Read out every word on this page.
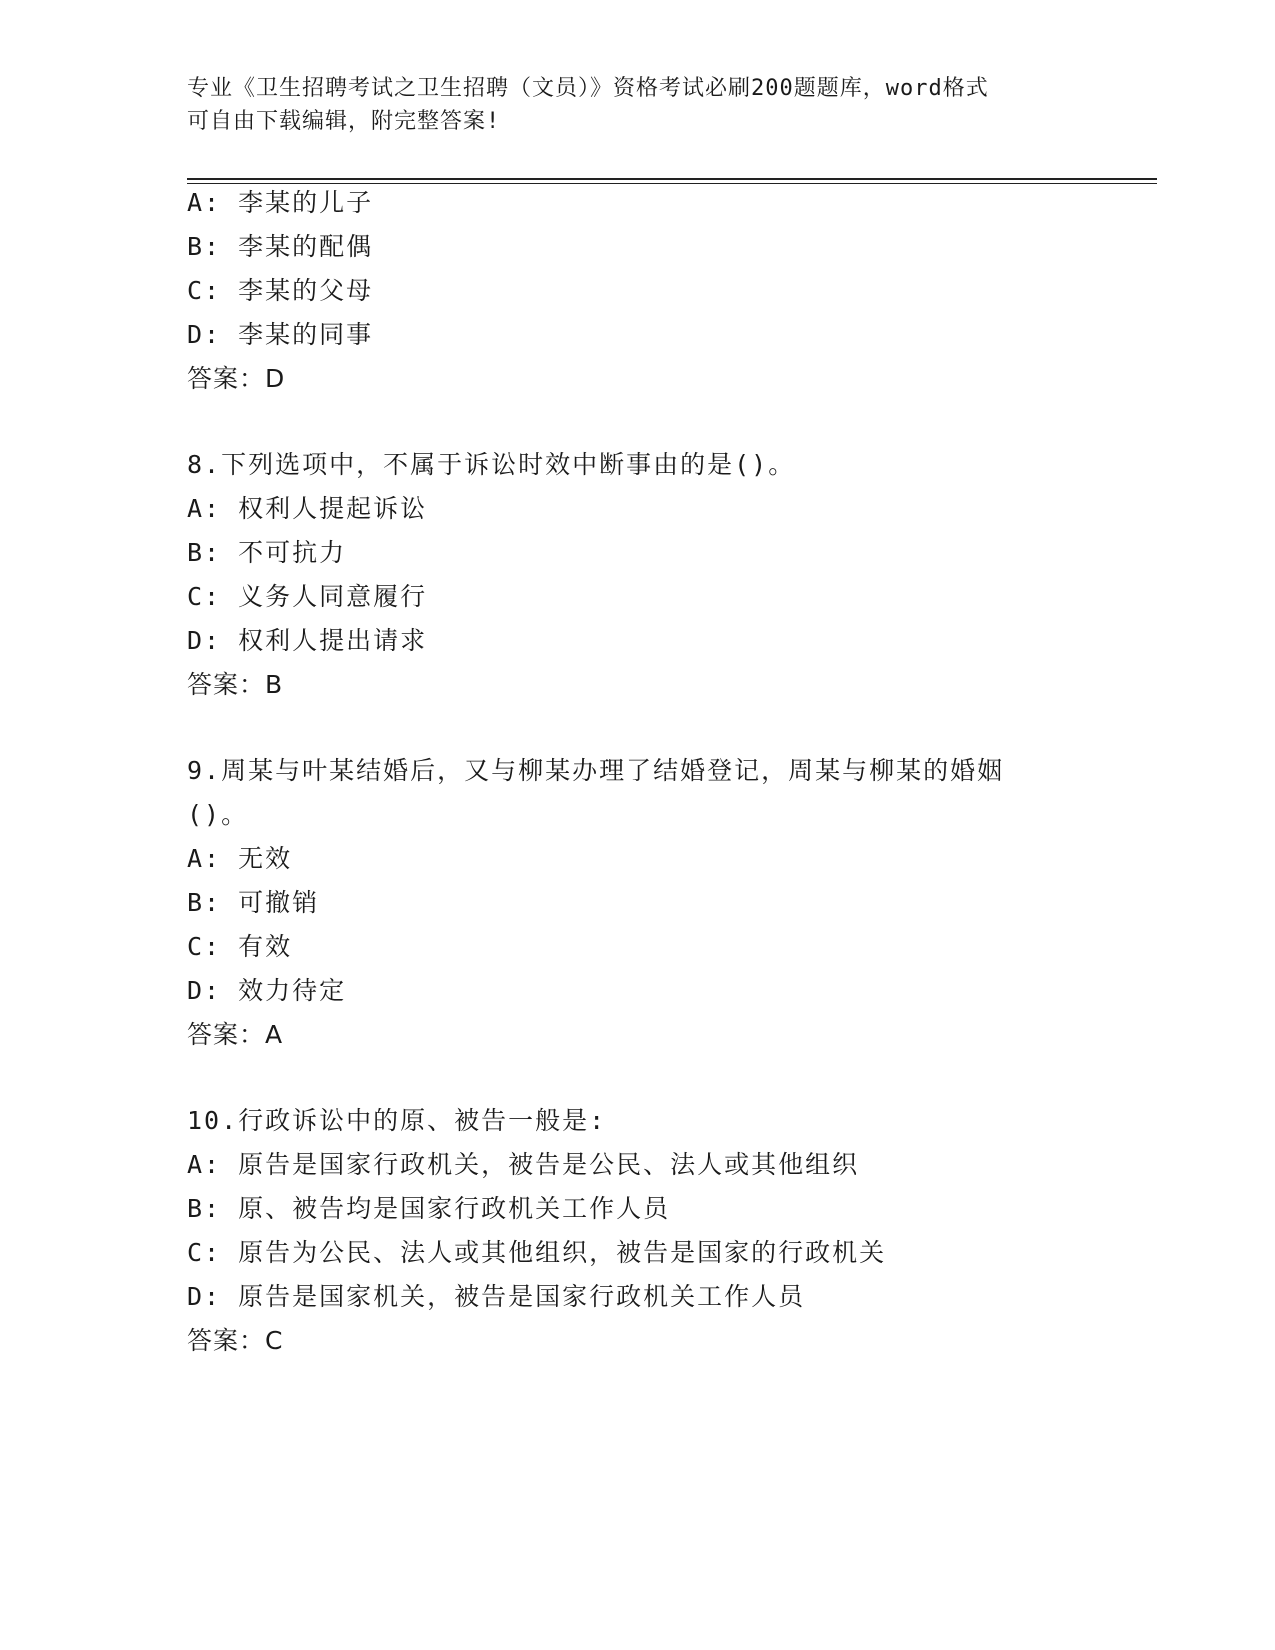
专业《卫生招聘考试之卫生招聘（文员）》资格考试必刷200题题库，word格式
可自由下载编辑，附完整答案!
A: 李某的儿子
B: 李某的配偶
C: 李某的父母
D: 李某的同事
答案：D
8.下列选项中，不属于诉讼时效中断事由的是()。
A: 权利人提起诉讼
B: 不可抗力
C: 义务人同意履行
D: 权利人提出请求
答案：B
9.周某与叶某结婚后，又与柳某办理了结婚登记，周某与柳某的婚姻
()。
A: 无效
B: 可撤销
C: 有效
D: 效力待定
答案：A
10.行政诉讼中的原、被告一般是:
A: 原告是国家行政机关，被告是公民、法人或其他组织
B: 原、被告均是国家行政机关工作人员
C: 原告为公民、法人或其他组织，被告是国家的行政机关
D: 原告是国家机关，被告是国家行政机关工作人员
答案：C
